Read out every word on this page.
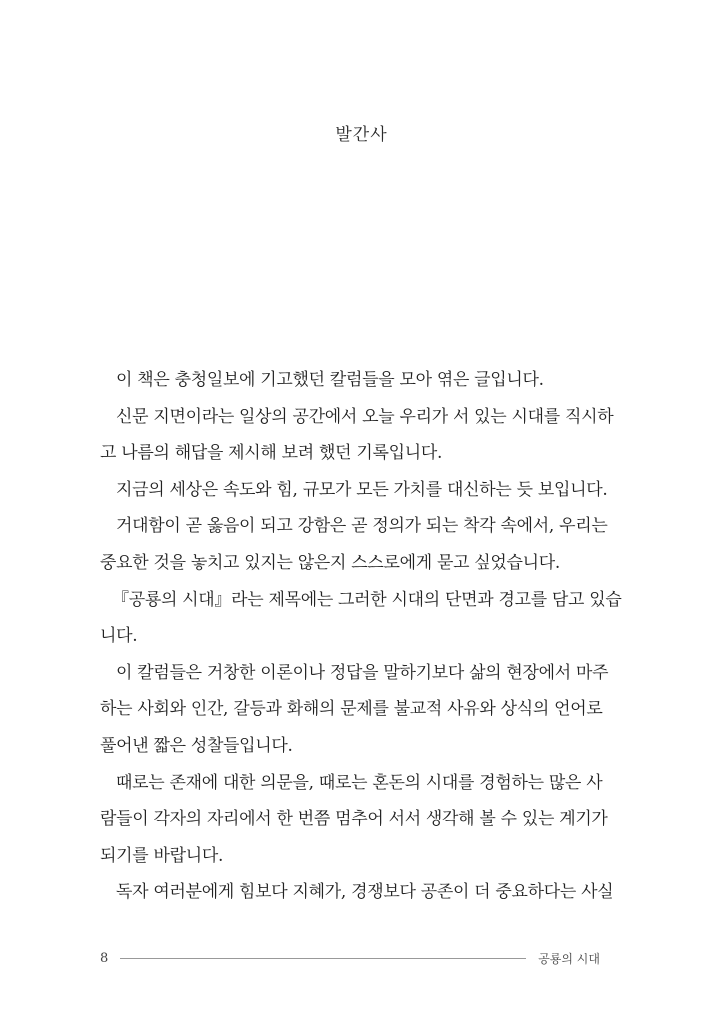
발간사
이 책은 충청일보에 기고했던 칼럼들을 모아 엮은 글입니다.
신문 지면이라는 일상의 공간에서 오늘 우리가 서 있는 시대를 직시하
고 나름의 해답을 제시해 보려 했던 기록입니다.
지금의 세상은 속도와 힘, 규모가 모든 가치를 대신하는 듯 보입니다.
거대함이 곧 옳음이 되고 강함은 곧 정의가 되는 착각 속에서, 우리는
중요한 것을 놓치고 있지는 않은지 스스로에게 묻고 싶었습니다.
『공룡의 시대』라는 제목에는 그러한 시대의 단면과 경고를 담고 있습
니다.
이 칼럼들은 거창한 이론이나 정답을 말하기보다 삶의 현장에서 마주
하는 사회와 인간, 갈등과 화해의 문제를 불교적 사유와 상식의 언어로
풀어낸 짧은 성찰들입니다.
때로는 존재에 대한 의문을, 때로는 혼돈의 시대를 경험하는 많은 사
람들이 각자의 자리에서 한 번쯤 멈추어 서서 생각해 볼 수 있는 계기가
되기를 바랍니다.
독자 여러분에게 힘보다 지혜가, 경쟁보다 공존이 더 중요하다는 사실
8	공룡의 시대
